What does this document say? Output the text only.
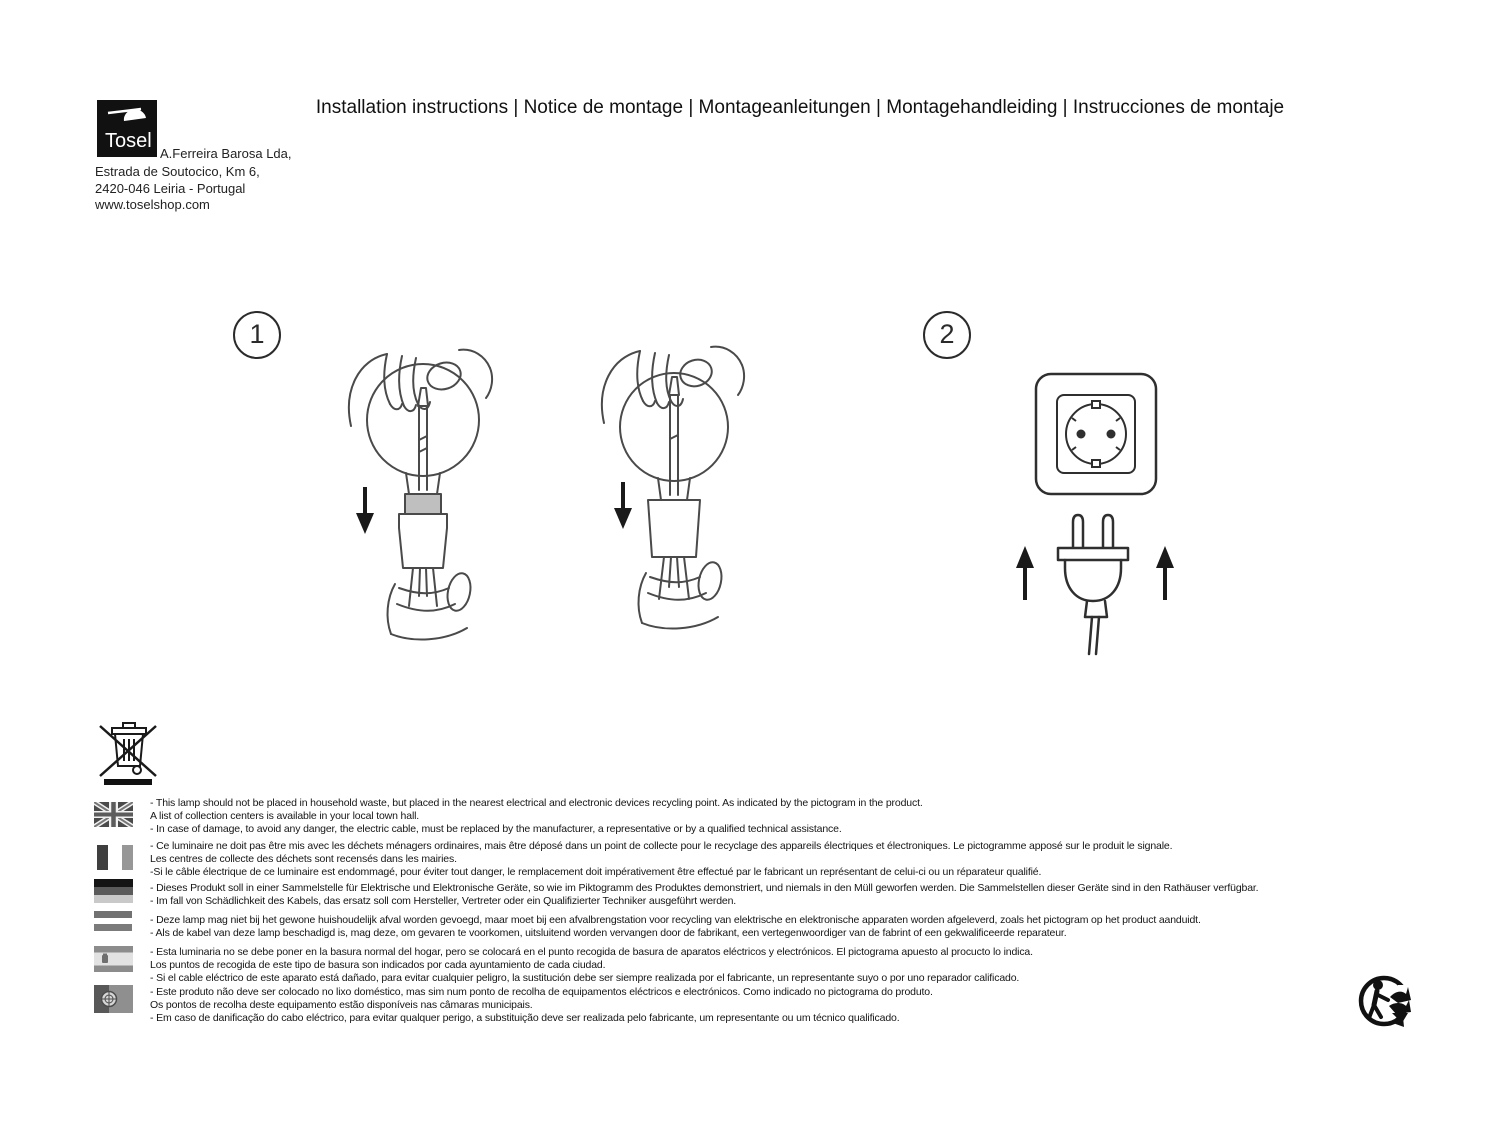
Installation instructions | Notice de montage | Montageanleitungen | Montagehandleiding | Instrucciones de montaje
Tosel
A.Ferreira Barosa Lda,
Estrada de Soutocico, Km 6,
2420-046 Leiria - Portugal
www.toselshop.com
1	2
- This lamp should not be placed in household waste, but placed in the nearest electrical and electronic devices recycling point. As indicated by the pictogram in the product.
A list of collection centers is available in your local town hall.
- In case of damage, to avoid any danger, the electric cable, must be replaced by the manufacturer, a representative or by a qualified technical assistance.
- Ce luminaire ne doit pas être mis avec les déchets ménagers ordinaires, mais être déposé dans un point de collecte pour le recyclage des appareils électriques et électroniques. Le pictogramme apposé sur le produit le signale.
Les centres de collecte des déchets sont recensés dans les mairies.
-Si le câble électrique de ce luminaire est endommagé, pour éviter tout danger, le remplacement doit impérativement être effectué par le fabricant un représentant de celui-ci ou un réparateur qualifié.
- Dieses Produkt soll in einer Sammelstelle für Elektrische und Elektronische Geräte, so wie im Piktogramm des Produktes demonstriert, und niemals in den Müll geworfen werden. Die Sammelstellen dieser Geräte sind in den Rathäuser verfügbar.
- Im fall von Schädlichkeit des Kabels, das ersatz soll com Hersteller, Vertreter oder ein Qualifizierter Techniker ausgeführt werden.
- Deze lamp mag niet bij het gewone huishoudelijk afval worden gevoegd, maar moet bij een afvalbrengstation voor recycling van elektrische en elektronische apparaten worden afgeleverd, zoals het pictogram op het product aanduidt.
- Als de kabel van deze lamp beschadigd is, mag deze, om gevaren te voorkomen, uitsluitend worden vervangen door de fabrikant, een vertegenwoordiger van de fabrint of een gekwalificeerde reparateur.
- Esta luminaria no se debe poner en la basura normal del hogar, pero se colocará en el punto recogida de basura de aparatos eléctricos y electrónicos. El pictograma apuesto al procucto lo indica.
Los puntos de recogida de este tipo de basura son indicados por cada ayuntamiento de cada ciudad.
- Si el cable eléctrico de este aparato está dañado, para evitar cualquier peligro, la sustitución debe ser siempre realizada por el fabricante, un representante suyo o por uno reparador calificado.
- Este produto não deve ser colocado no lixo doméstico, mas sim num ponto de recolha de equipamentos eléctricos e electrónicos. Como indicado no pictograma do produto.
Os pontos de recolha deste equipamento estão disponíveis nas câmaras municipais.
- Em caso de danificação do cabo eléctrico, para evitar qualquer perigo, a substituição deve ser realizada pelo fabricante, um representante ou um técnico qualificado.
